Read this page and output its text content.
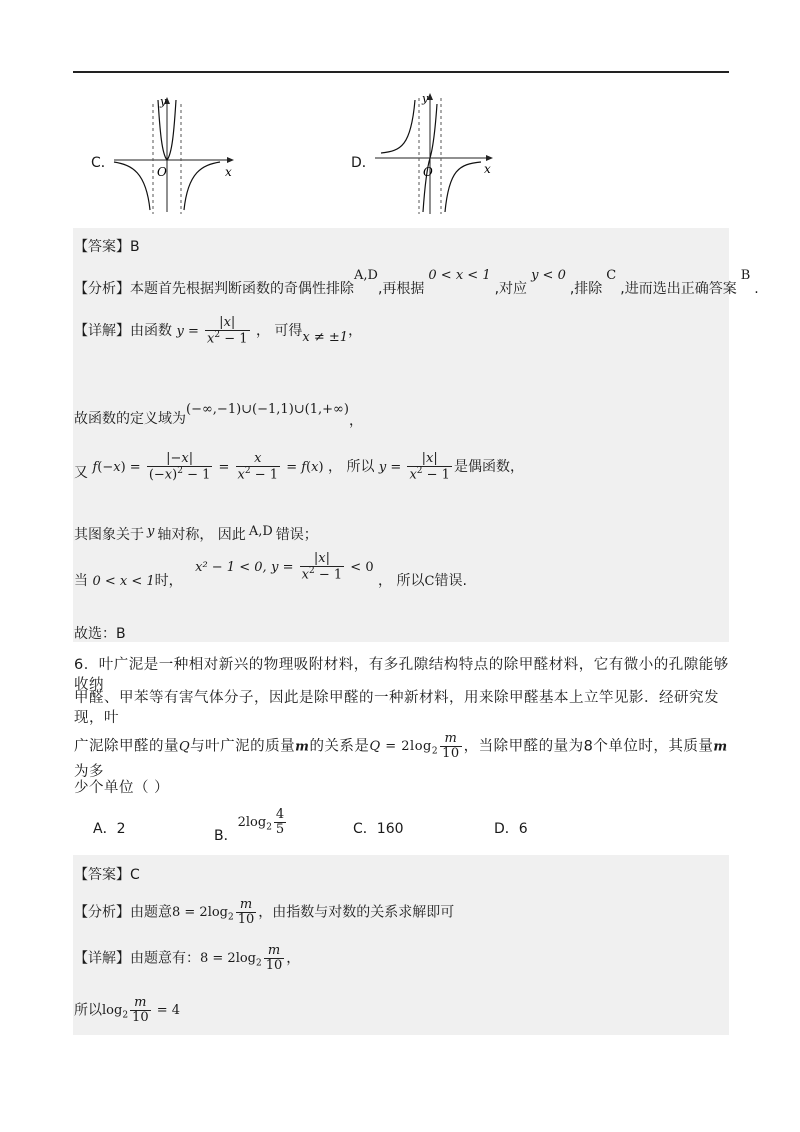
C．
O	x
y
D．
O	x
y
【答案】B
【分析】本题首先根据判断函数的奇偶性排除A,D,再根据0 < x < 1,对应y < 0,排除C,进而选出正确答案B.
【详解】由函数 $y = \frac{|x|}{x^2 - 1}$ ， 可得x ≠ ±1，
故函数的定义域为(−∞,−1)∪(−1,1)∪(1,+∞)，
又 $f(-x) = \frac{|-x|}{(-x)^2 - 1} = \frac{x}{x^2 - 1} = f(x)$ ， 所以 $y = \frac{|x|}{x^2 - 1}$ 是偶函数，
其图象关于 y 轴对称， 因此 A,D 错误；
当 0 < x < 1时， x² − 1 < 0, $y = \frac{|x|}{x^2 - 1} < 0$ ， 所以C错误.
故选：B
6．叶广泥是一种相对新兴的物理吸附材料，有多孔隙结构特点的除甲醛材料，它有微小的孔隙能够收纳
甲醛、甲苯等有害气体分子，因此是除甲醛的一种新材料，用来除甲醛基本上立竿见影．经研究发现，叶
广泥除甲醛的量Q与叶广泥的质量m的关系是$Q = 2\log_2 \frac{m}{10}$ ，当除甲醛的量为8个单位时，其质量m为多
少个单位（ ）
A．2	B．$2\log_2 \frac{4}{5}$	C．160	D．6
【答案】C
【分析】由题意$8 = 2\log_2 \frac{m}{10}$ ，由指数与对数的关系求解即可
【详解】由题意有：$8 = 2\log_2 \frac{m}{10}$ ，
所以$\log_2 \frac{m}{10} = 4$
